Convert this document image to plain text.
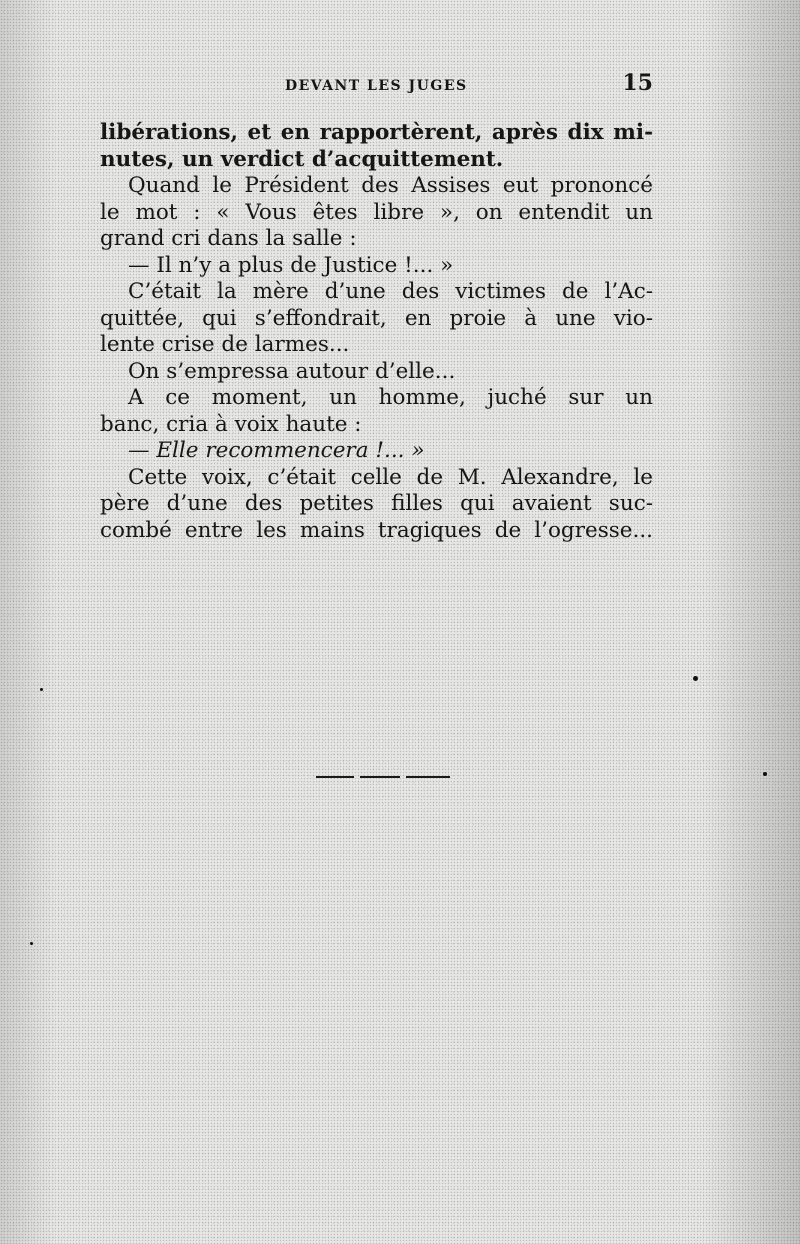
DEVANT LES JUGES	15
libérations, et en rapportèrent, après dix mi-
nutes, un verdict d’acquittement.
Quand le Président des Assises eut prononcé
le mot : « Vous êtes libre », on entendit un
grand cri dans la salle :
— Il n’y a plus de Justice !... »
C’était la mère d’une des victimes de l’Ac-
quittée, qui s’effondrait, en proie à une vio-
lente crise de larmes...
On s’empressa autour d’elle...
A ce moment, un homme, juché sur un
banc, cria à voix haute :
— Elle recommencera !... »
Cette voix, c’était celle de M. Alexandre, le
père d’une des petites filles qui avaient suc-
combé entre les mains tragiques de l’ogresse...
